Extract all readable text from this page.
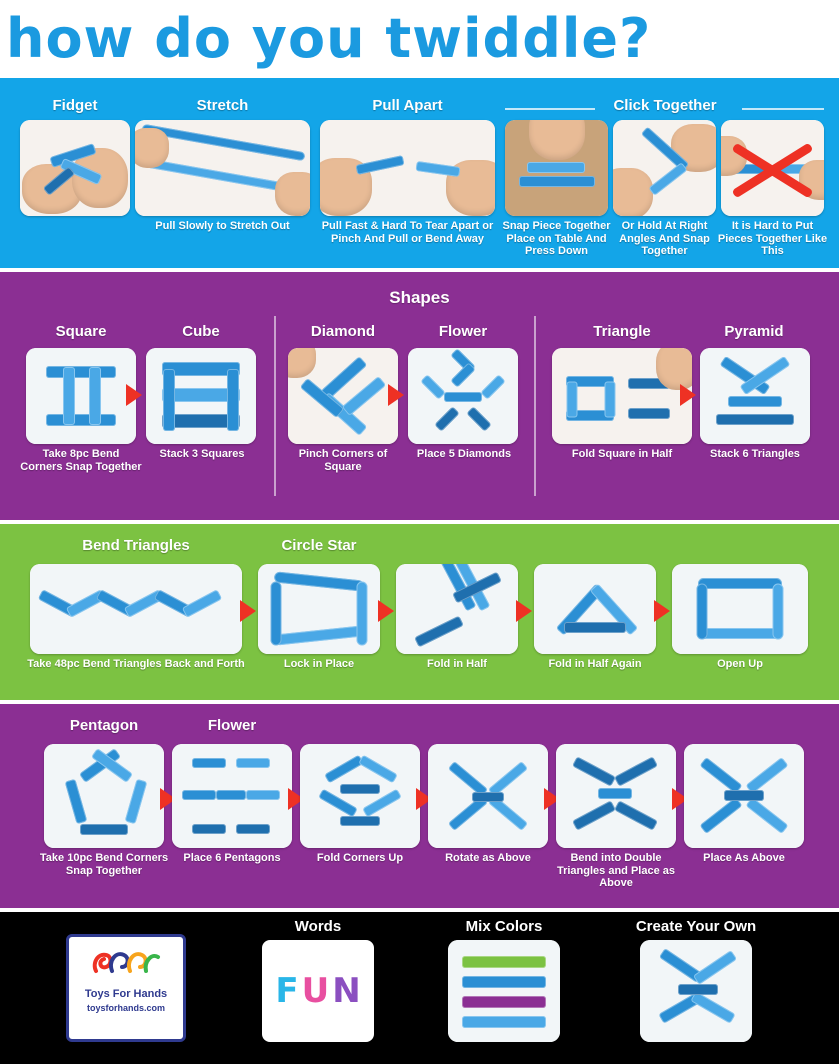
how do you twiddle?
Fidget	Stretch	Pull Apart	Click Together
Pull Slowly to Stretch Out	Pull Fast & Hard To Tear Apart or Pinch And Pull or Bend Away
Snap Piece Together Place on Table And Press Down
Or Hold At Right Angles And Snap Together
It is Hard to Put Pieces Together Like This
Shapes
Square	Cube
Take 8pc Bend Corners Snap Together
Stack 3 Squares
Diamond	Flower
Pinch Corners of Square
Place 5 Diamonds
Triangle	Pyramid
Fold Square in Half	Stack 6 Triangles
Bend Triangles	Circle Star
Take 48pc Bend Triangles Back and Forth	Lock in Place	Fold in Half	Fold in Half Again	Open Up
Pentagon	Flower
Take 10pc Bend Corners Snap Together
Place 6 Pentagons	Fold Corners Up	Rotate as Above	Bend into Double Triangles and Place as Above
Place As Above
Toys For Hands
toysforhands.com
Words
F U N
Mix Colors	Create Your Own
